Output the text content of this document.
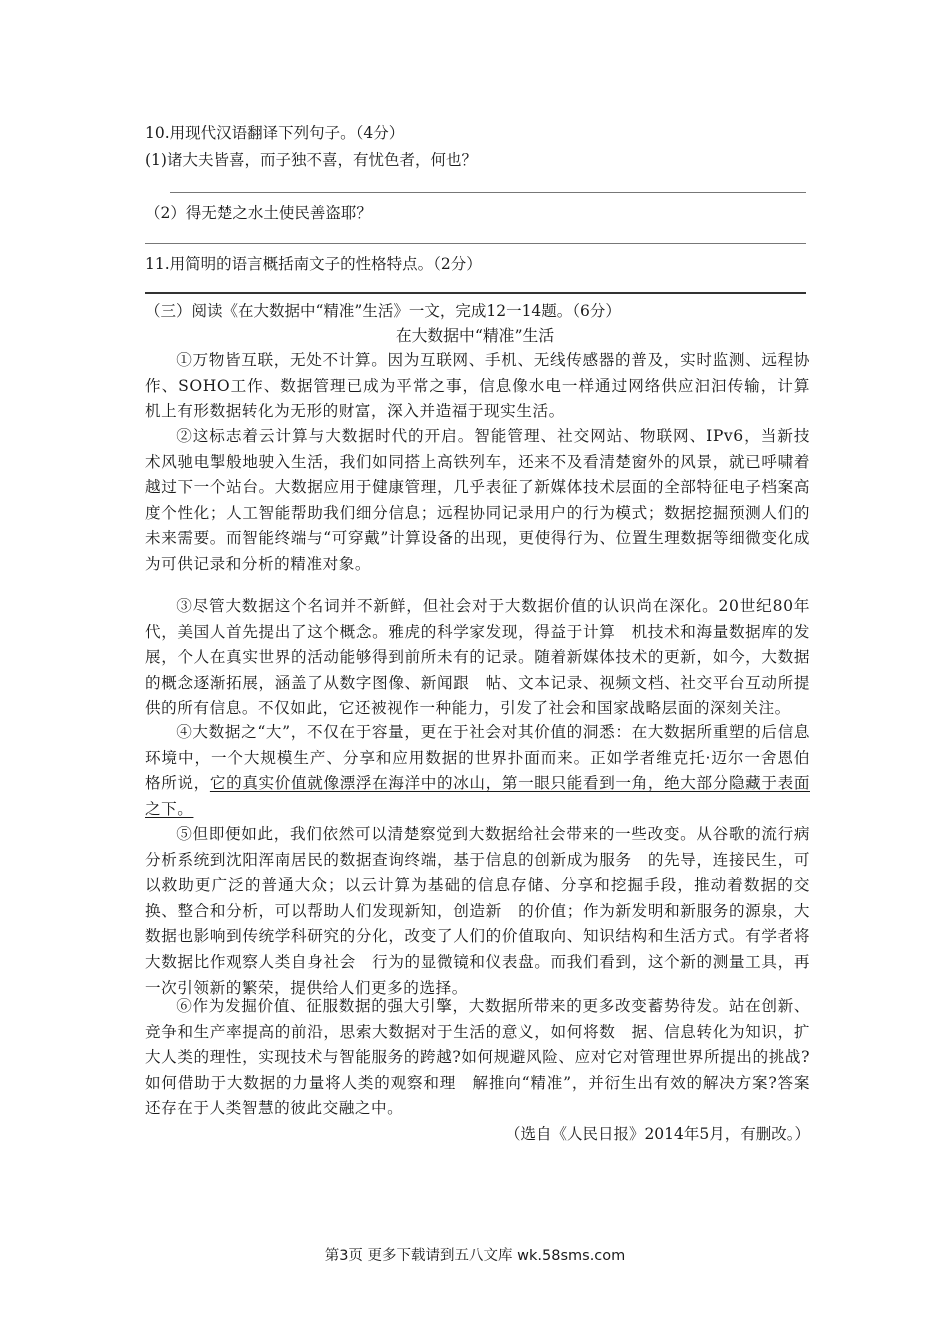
10.用现代汉语翻译下列句子。（4分）
(1)诸大夫皆喜，而子独不喜，有忧色者，何也？
（2）得无楚之水土使民善盗耶？
11.用简明的语言概括南文子的性格特点。（2分）
（三）阅读《在大数据中“精准”生活》一文，完成12一14题。（6分）
在大数据中“精准”生活
①万物皆互联，无处不计算。因为互联网、手机、无线传感器的普及，实时监测、远程协作、SOHO工作、数据管理已成为平常之事，信息像水电一样通过网络供应汩汩传输，计算机上有形数据转化为无形的财富，深入并造福于现实生活。
②这标志着云计算与大数据时代的开启。智能管理、社交网站、物联网、IPv6，当新技术风驰电掣般地驶入生活，我们如同搭上高铁列车，还来不及看清楚窗外的风景，就已呼啸着越过下一个站台。大数据应用于健康管理，几乎表征了新媒体技术层面的全部特征电子档案高度个性化；人工智能帮助我们细分信息；远程协同记录用户的行为模式；数据挖掘预测人们的未来需要。而智能终端与“可穿戴”计算设备的出现，更使得行为、位置生理数据等细微变化成为可供记录和分析的精准对象。
③尽管大数据这个名词并不新鲜，但社会对于大数据价值的认识尚在深化。20世纪80年代，美国人首先提出了这个概念。雅虎的科学家发现，得益于计算　机技术和海量数据库的发展，个人在真实世界的活动能够得到前所未有的记录。随着新媒体技术的更新，如今，大数据的概念逐渐拓展，涵盖了从数字图像、新闻跟　帖、文本记录、视频文档、社交平台互动所提供的所有信息。不仅如此，它还被视作一种能力，引发了社会和国家战略层面的深刻关注。
④大数据之“大”，不仅在于容量，更在于社会对其价值的洞悉：在大数据所重塑的后信息环境中，一个大规模生产、分享和应用数据的世界扑面而来。正如学者维克托·迈尔一舍恩伯格所说，它的真实价值就像漂浮在海洋中的冰山，第一眼只能看到一角，绝大部分隐藏于表面之下。
⑤但即便如此，我们依然可以清楚察觉到大数据给社会带来的一些改变。从谷歌的流行病分析系统到沈阳浑南居民的数据查询终端，基于信息的创新成为服务　的先导，连接民生，可以救助更广泛的普通大众；以云计算为基础的信息存储、分享和挖掘手段，推动着数据的交换、整合和分析，可以帮助人们发现新知，创造新　的价值；作为新发明和新服务的源泉，大数据也影响到传统学科研究的分化，改变了人们的价值取向、知识结构和生活方式。有学者将大数据比作观察人类自身社会　行为的显微镜和仪表盘。而我们看到，这个新的测量工具，再一次引领新的繁荣，提供给人们更多的选择。
⑥作为发掘价值、征服数据的强大引擎，大数据所带来的更多改变蓄势待发。站在创新、竞争和生产率提高的前沿，思索大数据对于生活的意义，如何将数　据、信息转化为知识，扩大人类的理性，实现技术与智能服务的跨越?如何规避风险、应对它对管理世界所提出的挑战?如何借助于大数据的力量将人类的观察和理　解推向“精准”，并衍生出有效的解决方案?答案还存在于人类智慧的彼此交融之中。
（选自《人民日报》2014年5月，有删改。）
第3页 更多下载请到五八文库 wk.58sms.com
